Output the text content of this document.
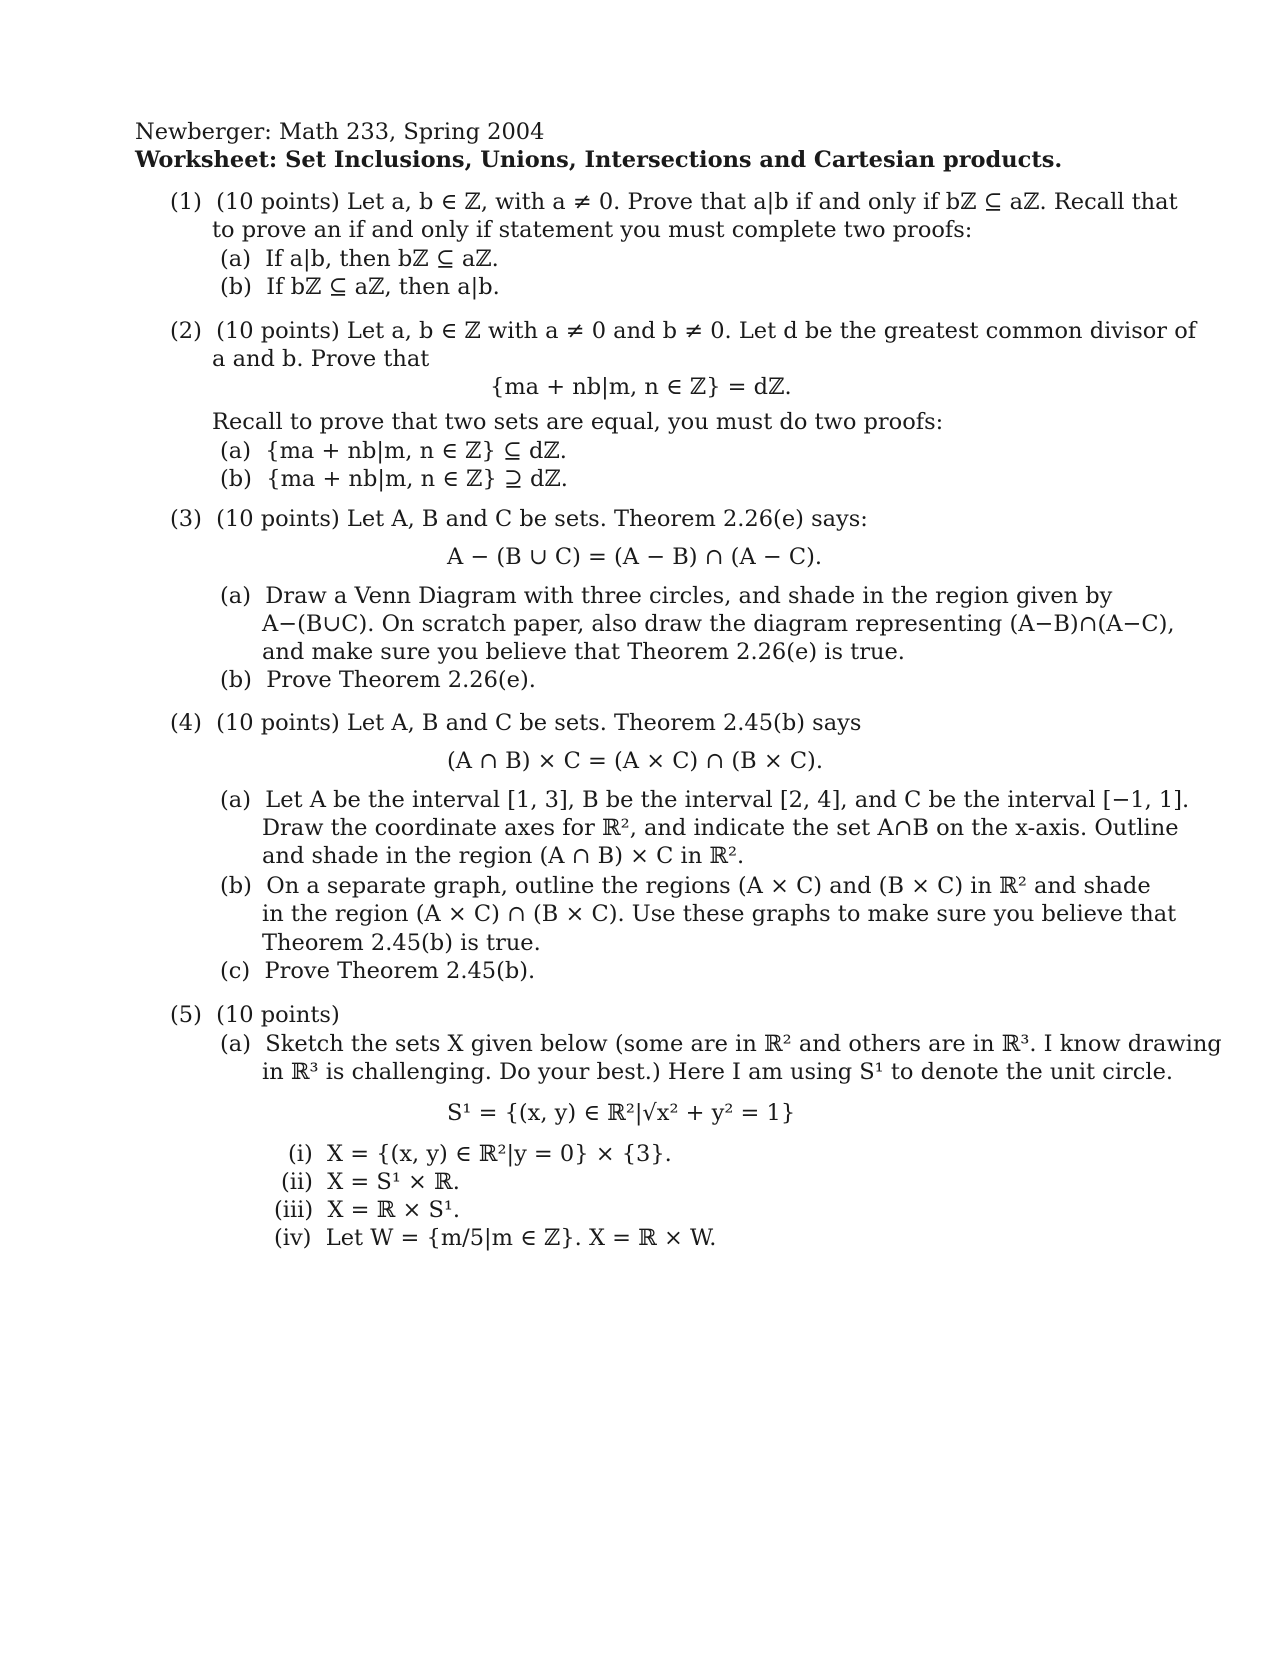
Newberger: Math 233, Spring 2004
Worksheet: Set Inclusions, Unions, Intersections and Cartesian products.
(1)  (10 points) Let a, b ∈ ℤ, with a ≠ 0. Prove that a|b if and only if bℤ ⊆ aℤ. Recall that
to prove an if and only if statement you must complete two proofs:
(a)  If a|b, then bℤ ⊆ aℤ.
(b)  If bℤ ⊆ aℤ, then a|b.
(2)  (10 points) Let a, b ∈ ℤ with a ≠ 0 and b ≠ 0. Let d be the greatest common divisor of
a and b. Prove that
{ma + nb|m, n ∈ ℤ} = dℤ.
Recall to prove that two sets are equal, you must do two proofs:
(a)  {ma + nb|m, n ∈ ℤ} ⊆ dℤ.
(b)  {ma + nb|m, n ∈ ℤ} ⊇ dℤ.
(3)  (10 points) Let A, B and C be sets. Theorem 2.26(e) says:
A − (B ∪ C) = (A − B) ∩ (A − C).
(a)  Draw a Venn Diagram with three circles, and shade in the region given by
A−(B∪C). On scratch paper, also draw the diagram representing (A−B)∩(A−C),
and make sure you believe that Theorem 2.26(e) is true.
(b)  Prove Theorem 2.26(e).
(4)  (10 points) Let A, B and C be sets. Theorem 2.45(b) says
(A ∩ B) × C = (A × C) ∩ (B × C).
(a)  Let A be the interval [1, 3], B be the interval [2, 4], and C be the interval [−1, 1].
Draw the coordinate axes for ℝ², and indicate the set A∩B on the x-axis. Outline
and shade in the region (A ∩ B) × C in ℝ².
(b)  On a separate graph, outline the regions (A × C) and (B × C) in ℝ² and shade
in the region (A × C) ∩ (B × C). Use these graphs to make sure you believe that
Theorem 2.45(b) is true.
(c)  Prove Theorem 2.45(b).
(5)  (10 points)
(a)  Sketch the sets X given below (some are in ℝ² and others are in ℝ³. I know drawing
in ℝ³ is challenging. Do your best.) Here I am using S¹ to denote the unit circle.
S¹ = {(x, y) ∈ ℝ²|√x² + y² = 1}
(i)  X = {(x, y) ∈ ℝ²|y = 0} × {3}.
(ii)  X = S¹ × ℝ.
(iii)  X = ℝ × S¹.
(iv)  Let W = {m/5|m ∈ ℤ}. X = ℝ × W.
